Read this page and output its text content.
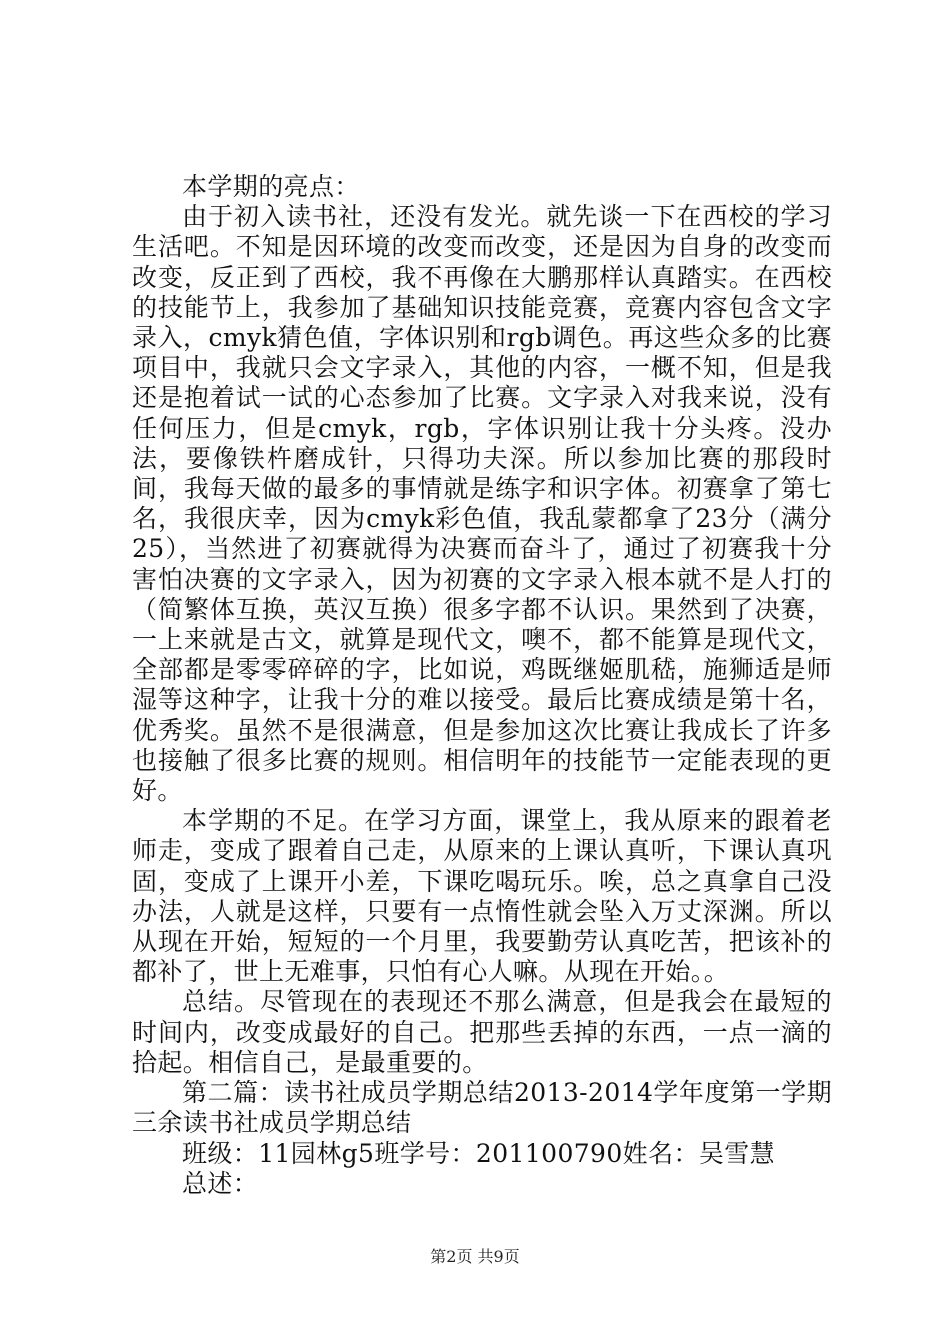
本学期的亮点：

由于初入读书社，还没有发光。就先谈一下在西校的学习生活吧。不知是因环境的改变而改变，还是因为自身的改变而改变，反正到了西校，我不再像在大鹏那样认真踏实。在西校的技能节上，我参加了基础知识技能竞赛，竞赛内容包含文字录入，cmyk猜色值，字体识别和rgb调色。再这些众多的比赛项目中，我就只会文字录入，其他的内容，一概不知，但是我还是抱着试一试的心态参加了比赛。文字录入对我来说，没有任何压力，但是cmyk，rgb，字体识别让我十分头疼。没办法，要像铁杵磨成针，只得功夫深。所以参加比赛的那段时间，我每天做的最多的事情就是练字和识字体。初赛拿了第七名，我很庆幸，因为cmyk彩色值，我乱蒙都拿了23分（满分25），当然进了初赛就得为决赛而奋斗了，通过了初赛我十分害怕决赛的文字录入，因为初赛的文字录入根本就不是人打的（简繁体互换，英汉互换）很多字都不认识。果然到了决赛，一上来就是古文，就算是现代文，噢不，都不能算是现代文，全部都是零零碎碎的字，比如说，鸡既继姬肌嵇，施狮适是师湿等这种字，让我十分的难以接受。最后比赛成绩是第十名，优秀奖。虽然不是很满意，但是参加这次比赛让我成长了许多也接触了很多比赛的规则。相信明年的技能节一定能表现的更好。

本学期的不足。在学习方面，课堂上，我从原来的跟着老师走，变成了跟着自己走，从原来的上课认真听，下课认真巩固，变成了上课开小差，下课吃喝玩乐。唉，总之真拿自己没办法，人就是这样，只要有一点惰性就会坠入万丈深渊。所以从现在开始，短短的一个月里，我要勤劳认真吃苦，把该补的都补了，世上无难事，只怕有心人嘛。从现在开始。。

总结。尽管现在的表现还不那么满意，但是我会在最短的时间内，改变成最好的自己。把那些丢掉的东西，一点一滴的拾起。相信自己，是最重要的。

第二篇：读书社成员学期总结2013-2014学年度第一学期三余读书社成员学期总结

班级：11园林g5班学号：201100790姓名：吴雪慧

总述：

第2页 共9页
